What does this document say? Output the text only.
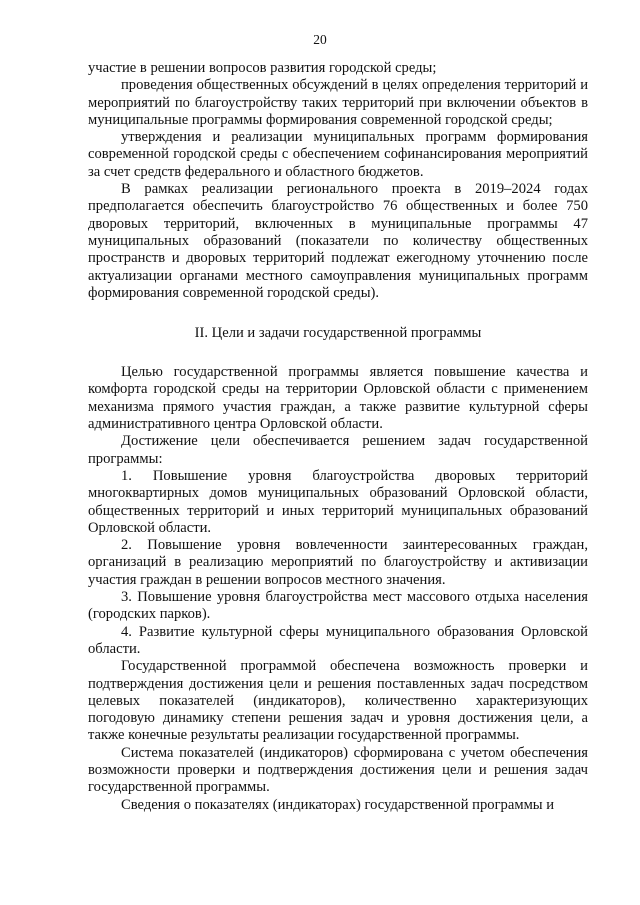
20

участие в решении вопросов развития городской среды;

проведения общественных обсуждений в целях определения территорий и мероприятий по благоустройству таких территорий при включении объектов в муниципальные программы формирования современной городской среды;

утверждения и реализации муниципальных программ формирования современной городской среды с обеспечением софинансирования мероприятий за счет средств федерального и областного бюджетов.

В рамках реализации регионального проекта в 2019–2024 годах предполагается обеспечить благоустройство 76 общественных и более 750 дворовых территорий, включенных в муниципальные программы 47 муниципальных образований (показатели по количеству общественных пространств и дворовых территорий подлежат ежегодному уточнению после актуализации органами местного самоуправления муниципальных программ формирования современной городской среды).

II. Цели и задачи государственной программы

Целью государственной программы является повышение качества и комфорта городской среды на территории Орловской области с применением механизма прямого участия граждан, а также развитие культурной сферы административного центра Орловской области.

Достижение цели обеспечивается решением задач государственной программы:

1. Повышение уровня благоустройства дворовых территорий многоквартирных домов муниципальных образований Орловской области, общественных территорий и иных территорий муниципальных образований Орловской области.

2. Повышение уровня вовлеченности заинтересованных граждан, организаций в реализацию мероприятий по благоустройству и активизации участия граждан в решении вопросов местного значения.

3. Повышение уровня благоустройства мест массового отдыха населения (городских парков).

4. Развитие культурной сферы муниципального образования Орловской области.

Государственной программой обеспечена возможность проверки и подтверждения достижения цели и решения поставленных задач посредством целевых показателей (индикаторов), количественно характеризующих погодовую динамику степени решения задач и уровня достижения цели, а также конечные результаты реализации государственной программы.

Система показателей (индикаторов) сформирована с учетом обеспечения возможности проверки и подтверждения достижения цели и решения задач государственной программы.

Сведения о показателях (индикаторах) государственной программы и
